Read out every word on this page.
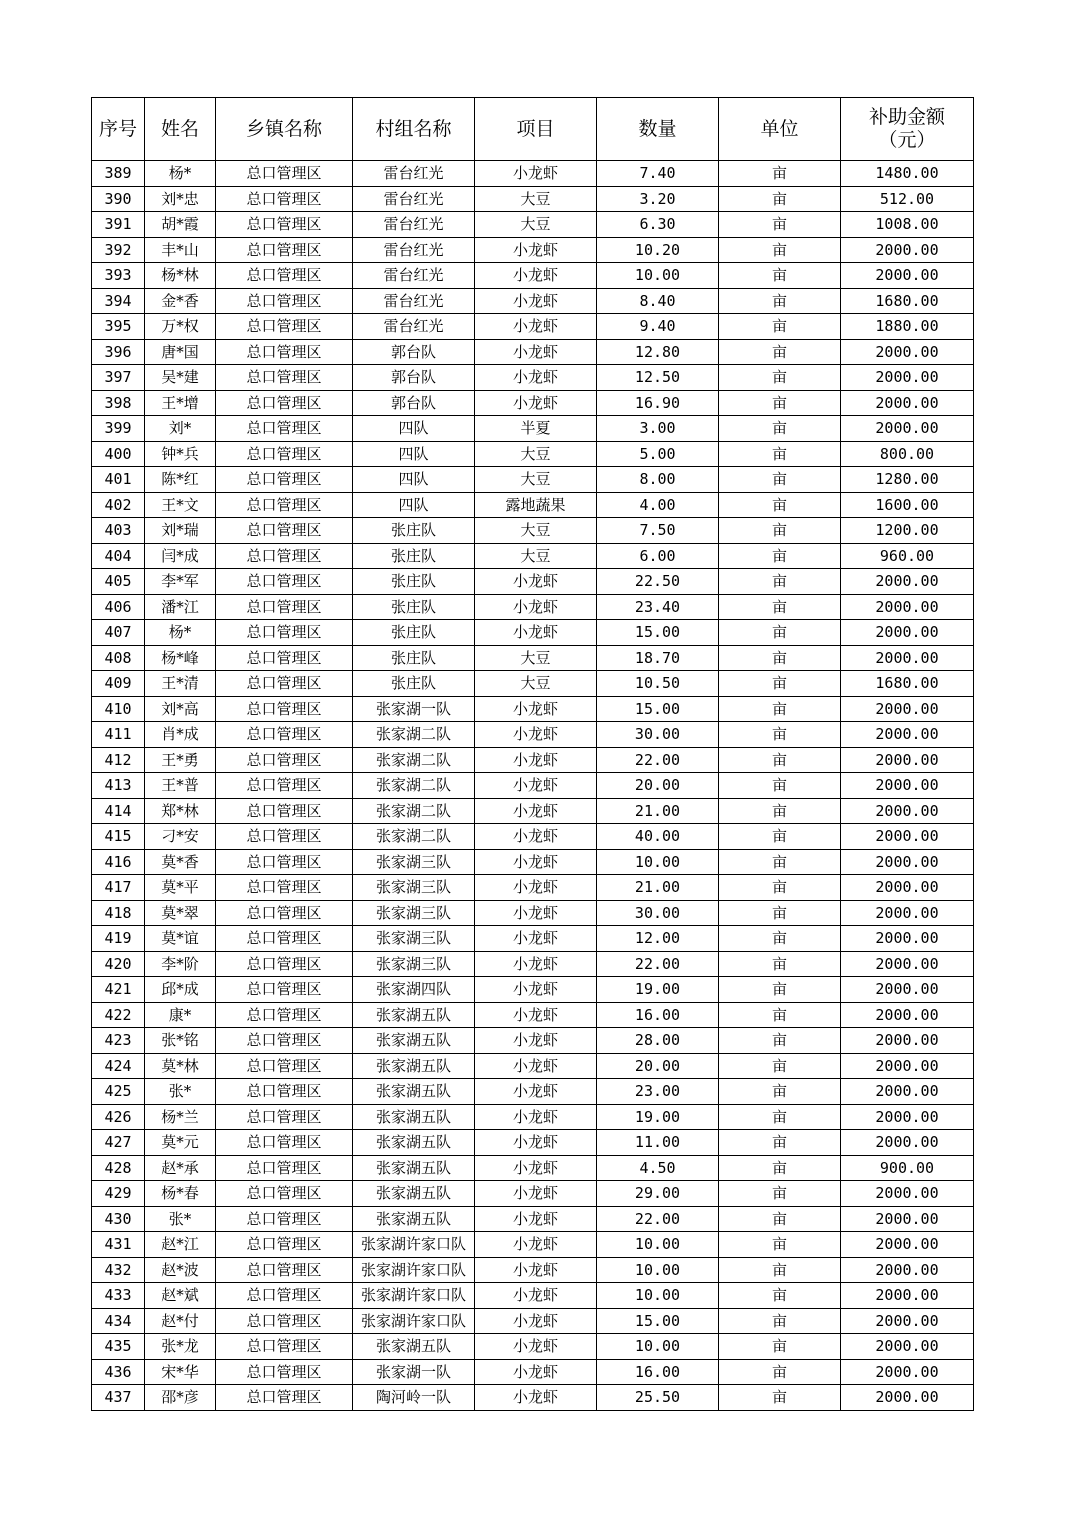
序号	姓名	乡镇名称	村组名称	项目	数量	单位	补助金额
（元）
389	杨*	总口管理区	雷台红光	小龙虾	7.40	亩	1480.00
390	刘*忠	总口管理区	雷台红光	大豆	3.20	亩	512.00
391	胡*霞	总口管理区	雷台红光	大豆	6.30	亩	1008.00
392	丰*山	总口管理区	雷台红光	小龙虾	10.20	亩	2000.00
393	杨*林	总口管理区	雷台红光	小龙虾	10.00	亩	2000.00
394	金*香	总口管理区	雷台红光	小龙虾	8.40	亩	1680.00
395	万*权	总口管理区	雷台红光	小龙虾	9.40	亩	1880.00
396	唐*国	总口管理区	郭台队	小龙虾	12.80	亩	2000.00
397	吴*建	总口管理区	郭台队	小龙虾	12.50	亩	2000.00
398	王*增	总口管理区	郭台队	小龙虾	16.90	亩	2000.00
399	刘*	总口管理区	四队	半夏	3.00	亩	2000.00
400	钟*兵	总口管理区	四队	大豆	5.00	亩	800.00
401	陈*红	总口管理区	四队	大豆	8.00	亩	1280.00
402	王*文	总口管理区	四队	露地蔬果	4.00	亩	1600.00
403	刘*瑞	总口管理区	张庄队	大豆	7.50	亩	1200.00
404	闫*成	总口管理区	张庄队	大豆	6.00	亩	960.00
405	李*军	总口管理区	张庄队	小龙虾	22.50	亩	2000.00
406	潘*江	总口管理区	张庄队	小龙虾	23.40	亩	2000.00
407	杨*	总口管理区	张庄队	小龙虾	15.00	亩	2000.00
408	杨*峰	总口管理区	张庄队	大豆	18.70	亩	2000.00
409	王*清	总口管理区	张庄队	大豆	10.50	亩	1680.00
410	刘*高	总口管理区	张家湖一队	小龙虾	15.00	亩	2000.00
411	肖*成	总口管理区	张家湖二队	小龙虾	30.00	亩	2000.00
412	王*勇	总口管理区	张家湖二队	小龙虾	22.00	亩	2000.00
413	王*普	总口管理区	张家湖二队	小龙虾	20.00	亩	2000.00
414	郑*林	总口管理区	张家湖二队	小龙虾	21.00	亩	2000.00
415	刁*安	总口管理区	张家湖二队	小龙虾	40.00	亩	2000.00
416	莫*香	总口管理区	张家湖三队	小龙虾	10.00	亩	2000.00
417	莫*平	总口管理区	张家湖三队	小龙虾	21.00	亩	2000.00
418	莫*翠	总口管理区	张家湖三队	小龙虾	30.00	亩	2000.00
419	莫*谊	总口管理区	张家湖三队	小龙虾	12.00	亩	2000.00
420	李*阶	总口管理区	张家湖三队	小龙虾	22.00	亩	2000.00
421	邱*成	总口管理区	张家湖四队	小龙虾	19.00	亩	2000.00
422	康*	总口管理区	张家湖五队	小龙虾	16.00	亩	2000.00
423	张*铭	总口管理区	张家湖五队	小龙虾	28.00	亩	2000.00
424	莫*林	总口管理区	张家湖五队	小龙虾	20.00	亩	2000.00
425	张*	总口管理区	张家湖五队	小龙虾	23.00	亩	2000.00
426	杨*兰	总口管理区	张家湖五队	小龙虾	19.00	亩	2000.00
427	莫*元	总口管理区	张家湖五队	小龙虾	11.00	亩	2000.00
428	赵*承	总口管理区	张家湖五队	小龙虾	4.50	亩	900.00
429	杨*春	总口管理区	张家湖五队	小龙虾	29.00	亩	2000.00
430	张*	总口管理区	张家湖五队	小龙虾	22.00	亩	2000.00
431	赵*江	总口管理区	张家湖许家口队	小龙虾	10.00	亩	2000.00
432	赵*波	总口管理区	张家湖许家口队	小龙虾	10.00	亩	2000.00
433	赵*斌	总口管理区	张家湖许家口队	小龙虾	10.00	亩	2000.00
434	赵*付	总口管理区	张家湖许家口队	小龙虾	15.00	亩	2000.00
435	张*龙	总口管理区	张家湖五队	小龙虾	10.00	亩	2000.00
436	宋*华	总口管理区	张家湖一队	小龙虾	16.00	亩	2000.00
437	邵*彦	总口管理区	陶河岭一队	小龙虾	25.50	亩	2000.00
